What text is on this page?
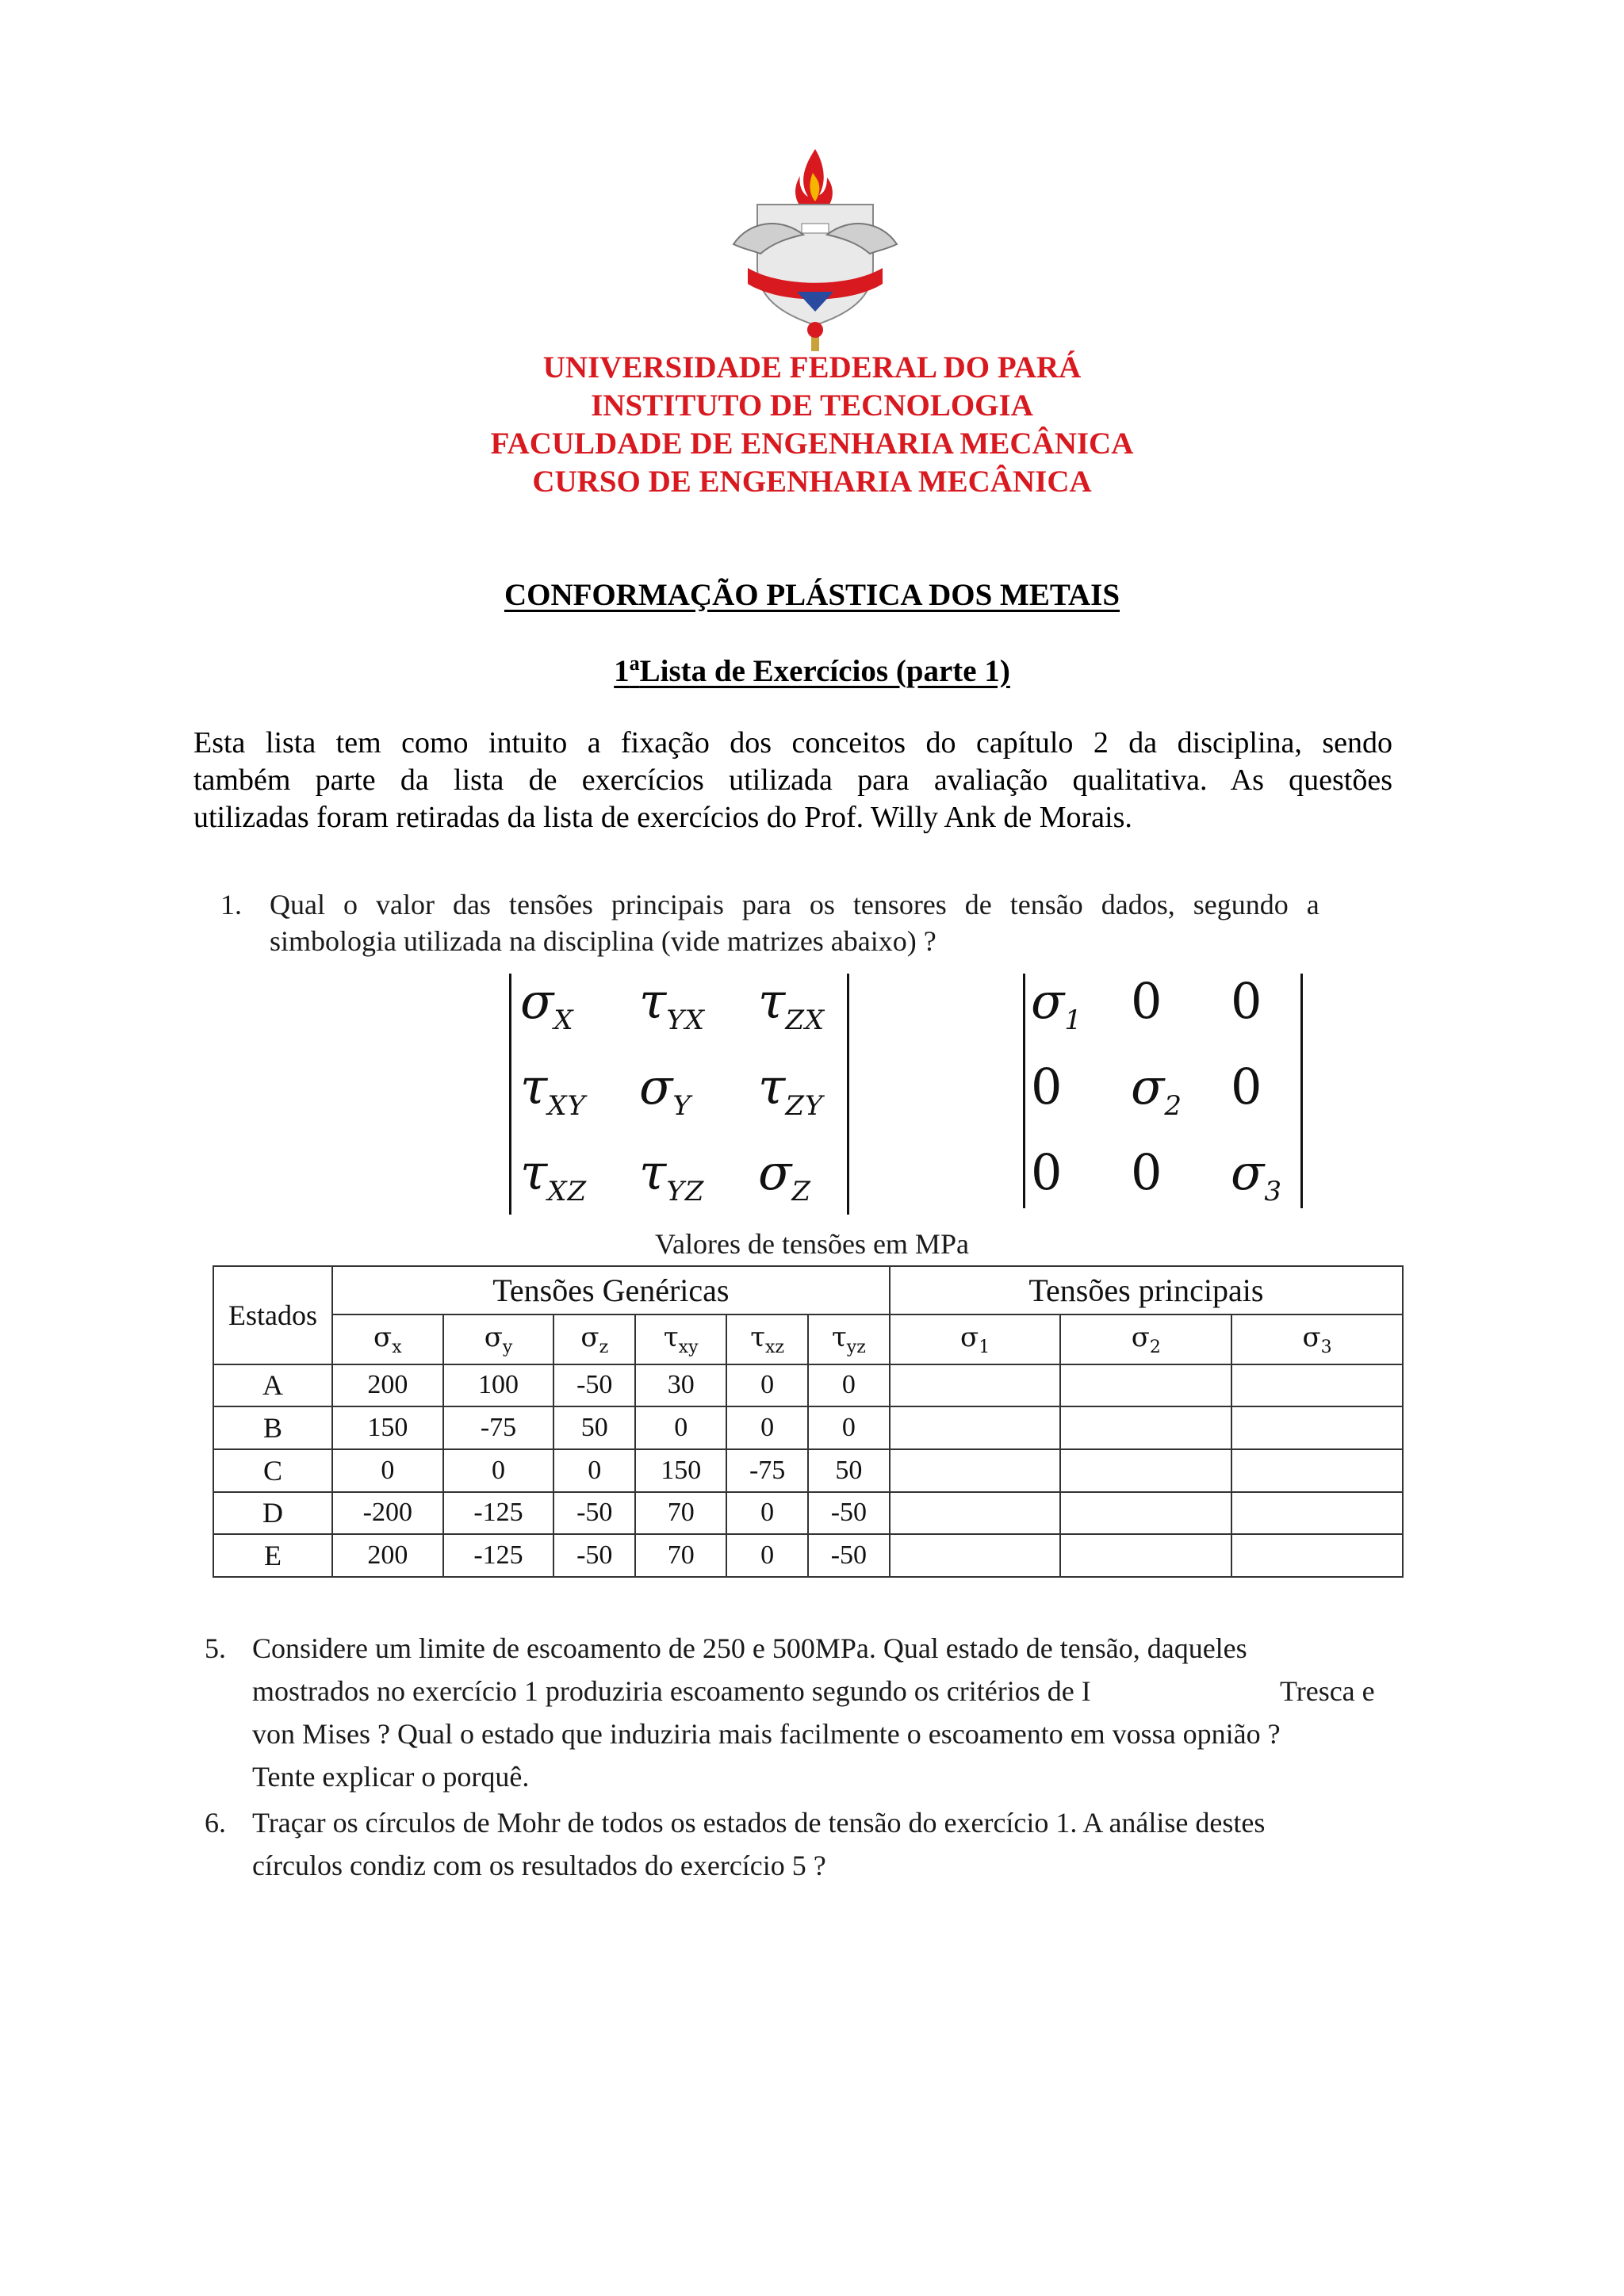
UNIVERSIDADE FEDERAL DO PARÁ
INSTITUTO DE TECNOLOGIA
FACULDADE DE ENGENHARIA MECÂNICA
CURSO DE ENGENHARIA MECÂNICA
CONFORMAÇÃO PLÁSTICA DOS METAIS
1$^a$Lista de Exercícios (parte 1)
Esta lista tem como intuito a fixação dos conceitos do capítulo 2 da disciplina, sendo
também parte da lista de exercícios utilizada para avaliação qualitativa. As questões
utilizadas foram retiradas da lista de exercícios do Prof. Willy Ank de Morais.
1. Qual o valor das tensões principais para os tensores de tensão dados, segundo a
simbologia utilizada na disciplina (vide matrizes abaixo) ?
$\sigma_X$ $\tau_{YX}$ $\tau_{ZX}$
$\tau_{XY}$ $\sigma_Y$ $\tau_{ZY}$
$\tau_{XZ}$ $\tau_{YZ}$ $\sigma_Z$
$\sigma_1$ 0 0
0 $\sigma_2$ 0
0 0 $\sigma_3$
Valores de tensões em MPa
Estados	Tensões Genéricas						Tensões principais		
	$\sigma_x$	$\sigma_y$	$\sigma_z$	$\tau_{xy}$	$\tau_{xz}$	$\tau_{yz}$	$\sigma_1$	$\sigma_2$	$\sigma_3$
A	200	100	-50	30	0	0			
B	150	-75	50	0	0	0			
C	0	0	0	150	-75	50			
D	-200	-125	-50	70	0	-50			
E	200	-125	-50	70	0	-50			
5. Considere um limite de escoamento de 250 e 500MPa. Qual estado de tensão, daqueles
mostrados no exercício 1 produziria escoamento segundo os critérios de I	Tresca e
von Mises ? Qual o estado que induziria mais facilmente o escoamento em vossa opnião ?
Tente explicar o porquê.
6. Traçar os círculos de Mohr de todos os estados de tensão do exercício 1. A análise destes
círculos condiz com os resultados do exercício 5 ?
